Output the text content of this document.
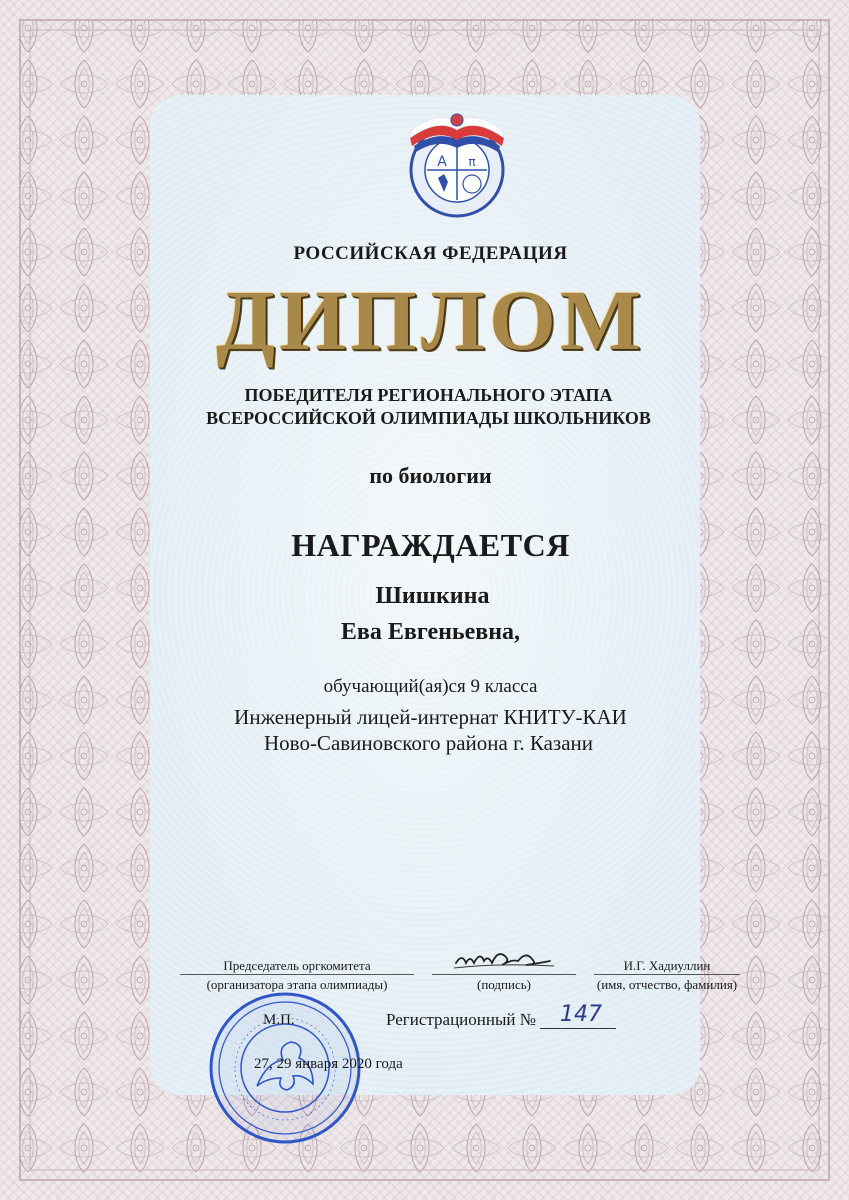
A π
РОССИЙСКАЯ ФЕДЕРАЦИЯ
ДИПЛОМ
ПОБЕДИТЕЛЯ РЕГИОНАЛЬНОГО ЭТАПА
ВСЕРОССИЙСКОЙ ОЛИМПИАДЫ ШКОЛЬНИКОВ
по биологии
НАГРАЖДАЕТСЯ
Шишкина
Ева Евгеньевна,
обучающий(ая)ся 9 класса
Инженерный лицей-интернат КНИТУ-КАИ
Ново-Савиновского района г. Казани
Председатель оргкомитета
(организатора этапа олимпиады)	(подпись)
И.Г. Хадиуллин
(имя, отчество, фамилия)
М.П.
27, 29 января 2020 года
Регистрационный № 147
